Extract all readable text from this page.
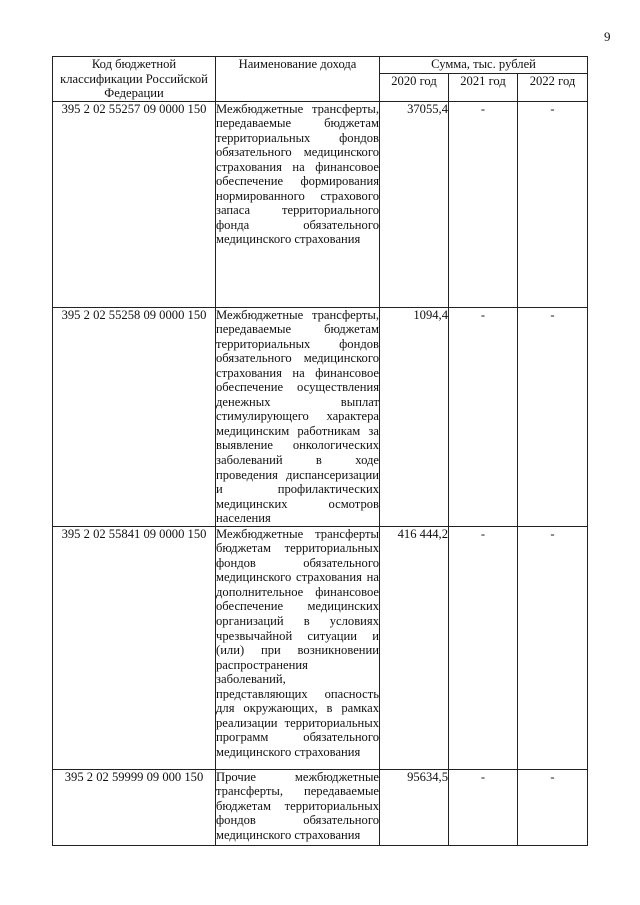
9
Код бюджетной классификации Российской Федерации	Наименование дохода	Сумма, тыс. рублей		
		2020 год	2021 год	2022 год
395 2 02 55257 09 0000 150	Межбюджетные трансферты, передаваемые бюджетам территориальных фондов обязательного медицинского страхования на финансовое обеспечение формирования нормированного страхового запаса территориального фонда обязательного медицинского страхования	37055,4	-	-
395 2 02 55258 09 0000 150	Межбюджетные трансферты, передаваемые бюджетам территориальных фондов обязательного медицинского страхования на финансовое обеспечение осуществления денежных выплат стимулирующего характера медицинским работникам за выявление онкологических заболеваний в ходе проведения диспансеризации и профилактических медицинских осмотров населения	1094,4	-	-
395 2 02 55841 09 0000 150	Межбюджетные трансферты бюджетам территориальных фондов обязательного медицинского страхования на дополнительное финансовое обеспечение медицинских организаций в условиях чрезвычайной ситуации и (или) при возникновении распространения заболеваний, представляющих опасность для окружающих, в рамках реализации территориальных программ обязательного медицинского страхования	416 444,2	-	-
395 2 02 59999 09 000 150	Прочие межбюджетные трансферты, передаваемые бюджетам территориальных фондов обязательного медицинского страхования	95634,5	-	-
